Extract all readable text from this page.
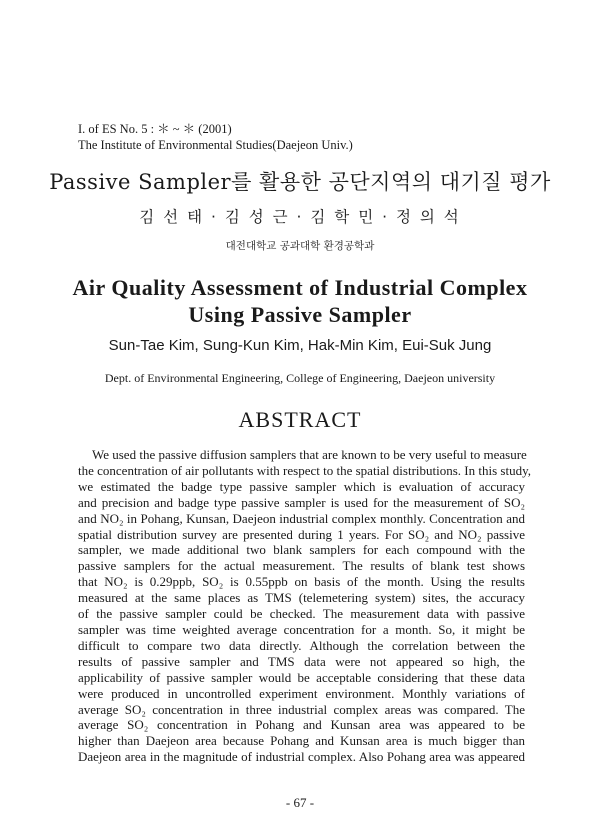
I. of ES No. 5 : ＊ ~ ＊ (2001)
The Institute of Environmental Studies(Daejeon Univ.)
Passive Sampler를 활용한 공단지역의 대기질 평가
김 선 태 · 김 성 근 · 김 학 민 · 정 의 석
대전대학교 공과대학 환경공학과
Air Quality Assessment of Industrial Complex
Using Passive Sampler
Sun-Tae Kim, Sung-Kun Kim, Hak-Min Kim, Eui-Suk Jung
Dept. of Environmental Engineering, College of Engineering, Daejeon university
ABSTRACT
We used the passive diffusion samplers that are known to be very useful to measure
the concentration of air pollutants with respect to the spatial distributions. In this study,
we estimated the badge type passive sampler which is evaluation of accuracy
and precision and badge type passive sampler is used for the measurement of SO₂
and NO₂ in Pohang, Kunsan, Daejeon industrial complex monthly. Concentration and
spatial distribution survey are presented during 1 years. For SO₂ and NO₂ passive
sampler, we made additional two blank samplers for each compound with the
passive samplers for the actual measurement. The results of blank test shows
that NO₂ is 0.29ppb, SO₂ is 0.55ppb on basis of the month. Using the results
measured at the same places as TMS (telemetering system) sites, the accuracy
of the passive sampler could be checked. The measurement data with passive
sampler was time weighted average concentration for a month. So, it might be
difficult to compare two data directly. Although the correlation between the
results of passive sampler and TMS data were not appeared so high, the
applicability of passive sampler would be acceptable considering that these data
were produced in uncontrolled experiment environment. Monthly variations of
average SO₂ concentration in three industrial complex areas was compared. The
average SO₂ concentration in Pohang and Kunsan area was appeared to be
higher than Daejeon area because Pohang and Kunsan area is much bigger than
Daejeon area in the magnitude of industrial complex. Also Pohang area was appeared
- 67 -
